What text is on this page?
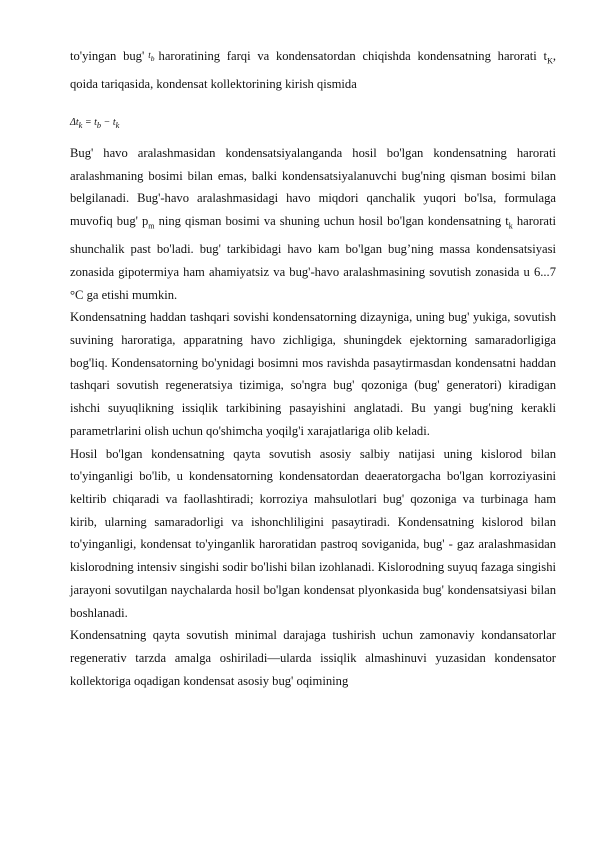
to'yingan bug' $t_b$ haroratining farqi va kondensatordan chiqishda kondensatning harorati $t_K$, qoida tariqasida, kondensat kollektorining kirish qismida

$\Delta t_k = t_b - t_k$

Bug' havo aralashmasidan kondensatsiyalanganda hosil bo'lgan kondensatning harorati aralashmaning bosimi bilan emas, balki kondensatsiyalanuvchi bug'ning qisman bosimi bilan belgilanadi. Bug'-havo aralashmasidagi havo miqdori qanchalik yuqori bo'lsa, formulaga muvofiq bug' $p_m$ ning qisman bosimi va shuning uchun hosil bo'lgan kondensatning $t_k$ harorati shunchalik past bo'ladi. bug' tarkibidagi havo kam bo'lgan bug’ning massa kondensatsiyasi zonasida gipotermiya ham ahamiyatsiz va bug'-havo aralashmasining sovutish zonasida u 6...7 °C ga etishi mumkin.

Kondensatning haddan tashqari sovishi kondensatorning dizayniga, uning bug' yukiga, sovutish suvining haroratiga, apparatning havo zichligiga, shuningdek ejektorning samaradorligiga bog'liq. Kondensatorning bo'ynidagi bosimni mos ravishda pasaytirmasdan kondensatni haddan tashqari sovutish regeneratsiya tizimiga, so'ngra bug' qozoniga (bug' generatori) kiradigan ishchi suyuqlikning issiqlik tarkibining pasayishini anglatadi. Bu yangi bug'ning kerakli parametrlarini olish uchun qo'shimcha yoqilg'i xarajatlariga olib keladi.

Hosil bo'lgan kondensatning qayta sovutish asosiy salbiy natijasi uning kislorod bilan to'yinganligi bo'lib, u kondensatorning kondensatordan deaeratorgacha bo'lgan korroziyasini keltirib chiqaradi va faollashtiradi; korroziya mahsulotlari bug' qozoniga va turbinaga ham kirib, ularning samaradorligi va ishonchliligini pasaytiradi. Kondensatning kislorod bilan to'yinganligi, kondensat to'yinganlik haroratidan pastroq soviganida, bug' - gaz aralashmasidan kislorodning intensiv singishi sodir bo'lishi bilan izohlanadi. Kislorodning suyuq fazaga singishi jarayoni sovutilgan naychalarda hosil bo'lgan kondensat plyonkasida bug' kondensatsiyasi bilan boshlanadi.

Kondensatning qayta sovutish minimal darajaga tushirish uchun zamonaviy kondansatorlar regenerativ tarzda amalga oshiriladi—ularda issiqlik almashinuvi yuzasidan kondensator kollektoriga oqadigan kondensat asosiy bug' oqimining
